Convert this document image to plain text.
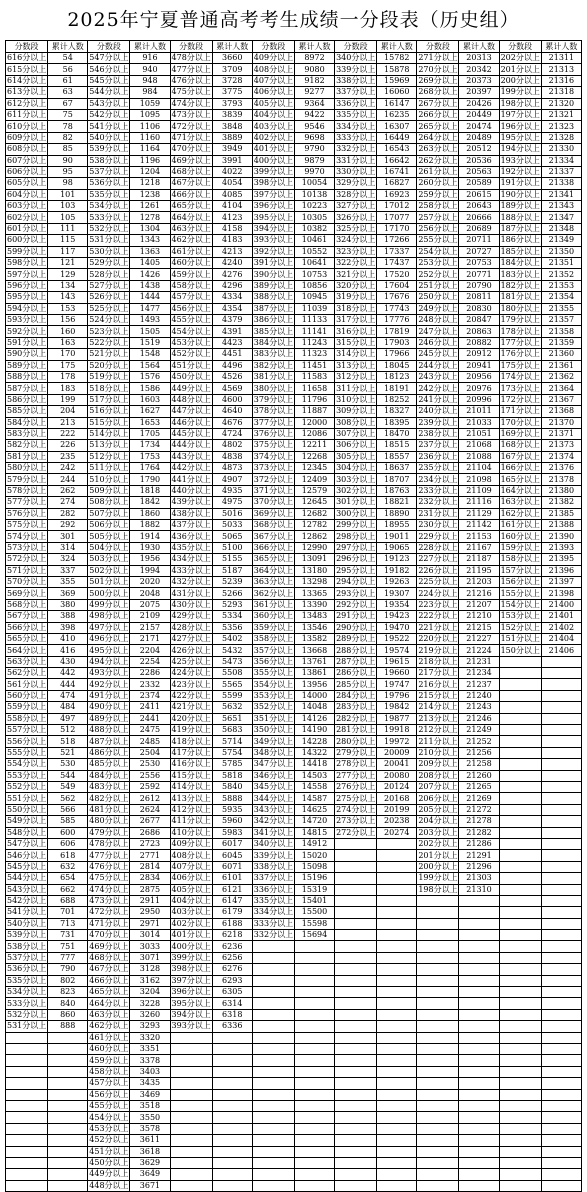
2025年宁夏普通高考考生成绩一分段表（历史组）
分数段	累计人数	分数段	累计人数	分数段	累计人数	分数段	累计人数	分数段	累计人数	分数段	累计人数	分数段	累计人数
616分以上	54	547分以上	916	478分以上	3660	409分以上	8972	340分以上	15782	271分以上	20313	202分以上	21311
615分以上	56	546分以上	940	477分以上	3709	408分以上	9080	339分以上	15878	270分以上	20342	201分以上	21313
614分以上	61	545分以上	948	476分以上	3728	407分以上	9182	338分以上	15969	269分以上	20373	200分以上	21316
613分以上	63	544分以上	984	475分以上	3775	406分以上	9277	337分以上	16060	268分以上	20397	199分以上	21318
612分以上	67	543分以上	1059	474分以上	3793	405分以上	9364	336分以上	16147	267分以上	20426	198分以上	21320
611分以上	75	542分以上	1095	473分以上	3839	404分以上	9422	335分以上	16235	266分以上	20449	197分以上	21321
610分以上	78	541分以上	1106	472分以上	3848	403分以上	9546	334分以上	16307	265分以上	20474	196分以上	21323
609分以上	82	540分以上	1160	471分以上	3889	402分以上	9698	333分以上	16449	264分以上	20489	195分以上	21328
608分以上	85	539分以上	1164	470分以上	3949	401分以上	9790	332分以上	16543	263分以上	20512	194分以上	21330
607分以上	90	538分以上	1196	469分以上	3991	400分以上	9879	331分以上	16642	262分以上	20536	193分以上	21334
606分以上	95	537分以上	1204	468分以上	4022	399分以上	9970	330分以上	16741	261分以上	20563	192分以上	21337
605分以上	98	536分以上	1218	467分以上	4054	398分以上	10054	329分以上	16827	260分以上	20589	191分以上	21338
604分以上	101	535分以上	1238	466分以上	4085	397分以上	10138	328分以上	16923	259分以上	20615	190分以上	21341
603分以上	103	534分以上	1261	465分以上	4104	396分以上	10223	327分以上	17012	258分以上	20643	189分以上	21343
602分以上	105	533分以上	1278	464分以上	4123	395分以上	10305	326分以上	17077	257分以上	20666	188分以上	21347
601分以上	111	532分以上	1304	463分以上	4158	394分以上	10382	325分以上	17170	256分以上	20689	187分以上	21348
600分以上	115	531分以上	1343	462分以上	4183	393分以上	10461	324分以上	17266	255分以上	20711	186分以上	21349
599分以上	117	530分以上	1363	461分以上	4213	392分以上	10552	323分以上	17337	254分以上	20727	185分以上	21350
598分以上	121	529分以上	1405	460分以上	4240	391分以上	10641	322分以上	17437	253分以上	20753	184分以上	21351
597分以上	129	528分以上	1426	459分以上	4276	390分以上	10753	321分以上	17520	252分以上	20771	183分以上	21352
596分以上	134	527分以上	1438	458分以上	4296	389分以上	10856	320分以上	17604	251分以上	20790	182分以上	21353
595分以上	143	526分以上	1444	457分以上	4334	388分以上	10945	319分以上	17676	250分以上	20811	181分以上	21354
594分以上	153	525分以上	1477	456分以上	4354	387分以上	11039	318分以上	17743	249分以上	20830	180分以上	21355
593分以上	156	524分以上	1493	455分以上	4379	386分以上	11133	317分以上	17776	248分以上	20847	179分以上	21357
592分以上	160	523分以上	1505	454分以上	4391	385分以上	11141	316分以上	17819	247分以上	20863	178分以上	21358
591分以上	163	522分以上	1519	453分以上	4423	384分以上	11243	315分以上	17903	246分以上	20882	177分以上	21359
590分以上	170	521分以上	1548	452分以上	4451	383分以上	11323	314分以上	17966	245分以上	20912	176分以上	21360
589分以上	175	520分以上	1564	451分以上	4496	382分以上	11451	313分以上	18045	244分以上	20941	175分以上	21361
588分以上	178	519分以上	1576	450分以上	4526	381分以上	11583	312分以上	18123	243分以上	20956	174分以上	21362
587分以上	183	518分以上	1586	449分以上	4569	380分以上	11658	311分以上	18191	242分以上	20976	173分以上	21364
586分以上	199	517分以上	1603	448分以上	4600	379分以上	11796	310分以上	18252	241分以上	20996	172分以上	21367
585分以上	204	516分以上	1627	447分以上	4640	378分以上	11887	309分以上	18327	240分以上	21011	171分以上	21368
584分以上	213	515分以上	1653	446分以上	4676	377分以上	12000	308分以上	18395	239分以上	21033	170分以上	21370
583分以上	222	514分以上	1705	445分以上	4724	376分以上	12086	307分以上	18470	238分以上	21051	169分以上	21371
582分以上	226	513分以上	1734	444分以上	4802	375分以上	12211	306分以上	18515	237分以上	21068	168分以上	21373
581分以上	235	512分以上	1753	443分以上	4838	374分以上	12268	305分以上	18557	236分以上	21088	167分以上	21374
580分以上	242	511分以上	1764	442分以上	4873	373分以上	12345	304分以上	18637	235分以上	21104	166分以上	21376
579分以上	244	510分以上	1790	441分以上	4907	372分以上	12409	303分以上	18707	234分以上	21098	165分以上	21378
578分以上	262	509分以上	1818	440分以上	4935	371分以上	12579	302分以上	18763	233分以上	21109	164分以上	21380
577分以上	274	508分以上	1842	439分以上	4975	370分以上	12645	301分以上	18821	232分以上	21116	163分以上	21382
576分以上	282	507分以上	1860	438分以上	5016	369分以上	12682	300分以上	18890	231分以上	21129	162分以上	21385
575分以上	292	506分以上	1882	437分以上	5033	368分以上	12782	299分以上	18955	230分以上	21142	161分以上	21388
574分以上	301	505分以上	1914	436分以上	5065	367分以上	12862	298分以上	19011	229分以上	21153	160分以上	21390
573分以上	314	504分以上	1930	435分以上	5100	366分以上	12990	297分以上	19065	228分以上	21167	159分以上	21393
572分以上	324	503分以上	1956	434分以上	5155	365分以上	13091	296分以上	19123	227分以上	21187	158分以上	21395
571分以上	337	502分以上	1994	433分以上	5187	364分以上	13180	295分以上	19182	226分以上	21195	157分以上	21396
570分以上	355	501分以上	2020	432分以上	5239	363分以上	13298	294分以上	19263	225分以上	21203	156分以上	21397
569分以上	369	500分以上	2048	431分以上	5266	362分以上	13365	293分以上	19307	224分以上	21216	155分以上	21398
568分以上	380	499分以上	2075	430分以上	5293	361分以上	13390	292分以上	19354	223分以上	21207	154分以上	21400
567分以上	388	498分以上	2109	429分以上	5334	360分以上	13483	291分以上	19423	222分以上	21210	153分以上	21401
566分以上	398	497分以上	2157	428分以上	5356	359分以上	13546	290分以上	19470	221分以上	21215	152分以上	21402
565分以上	410	496分以上	2171	427分以上	5402	358分以上	13582	289分以上	19522	220分以上	21227	151分以上	21404
564分以上	416	495分以上	2204	426分以上	5432	357分以上	13668	288分以上	19574	219分以上	21224	150分以上	21406
563分以上	430	494分以上	2254	425分以上	5473	356分以上	13761	287分以上	19615	218分以上	21231		
562分以上	442	493分以上	2286	424分以上	5508	355分以上	13861	286分以上	19660	217分以上	21234		
561分以上	444	492分以上	2332	423分以上	5565	354分以上	13956	285分以上	19747	216分以上	21237		
560分以上	474	491分以上	2374	422分以上	5599	353分以上	14000	284分以上	19796	215分以上	21240		
559分以上	484	490分以上	2411	421分以上	5632	352分以上	14048	283分以上	19842	214分以上	21243		
558分以上	497	489分以上	2441	420分以上	5651	351分以上	14126	282分以上	19877	213分以上	21246		
557分以上	512	488分以上	2475	419分以上	5683	350分以上	14190	281分以上	19918	212分以上	21249		
556分以上	518	487分以上	2485	418分以上	5714	349分以上	14228	280分以上	19972	211分以上	21252		
555分以上	521	486分以上	2504	417分以上	5754	348分以上	14322	279分以上	20009	210分以上	21256		
554分以上	530	485分以上	2530	416分以上	5785	347分以上	14418	278分以上	20041	209分以上	21258		
553分以上	544	484分以上	2556	415分以上	5818	346分以上	14503	277分以上	20080	208分以上	21260		
552分以上	549	483分以上	2592	414分以上	5840	345分以上	14558	276分以上	20124	207分以上	21265		
551分以上	562	482分以上	2612	413分以上	5888	344分以上	14587	275分以上	20168	206分以上	21269		
550分以上	566	481分以上	2624	412分以上	5935	343分以上	14625	274分以上	20199	205分以上	21272		
549分以上	585	480分以上	2677	411分以上	5960	342分以上	14720	273分以上	20238	204分以上	21278		
548分以上	600	479分以上	2686	410分以上	5983	341分以上	14815	272分以上	20274	203分以上	21282		
547分以上	606	478分以上	2723	409分以上	6017	340分以上	14912			202分以上	21286		
546分以上	618	477分以上	2771	408分以上	6045	339分以上	15020			201分以上	21291		
545分以上	632	476分以上	2814	407分以上	6071	338分以上	15098			200分以上	21296		
544分以上	654	475分以上	2834	406分以上	6101	337分以上	15196			199分以上	21303		
543分以上	662	474分以上	2875	405分以上	6121	336分以上	15319			198分以上	21310		
542分以上	688	473分以上	2911	404分以上	6147	335分以上	15401						
541分以上	701	472分以上	2950	403分以上	6179	334分以上	15500						
540分以上	713	471分以上	2971	402分以上	6188	333分以上	15598						
539分以上	731	470分以上	3014	401分以上	6218	332分以上	15694						
538分以上	751	469分以上	3033	400分以上	6236								
537分以上	777	468分以上	3071	399分以上	6256								
536分以上	790	467分以上	3128	398分以上	6276								
535分以上	802	466分以上	3162	397分以上	6293								
534分以上	823	465分以上	3204	396分以上	6305								
533分以上	840	464分以上	3228	395分以上	6314								
532分以上	860	463分以上	3260	394分以上	6318								
531分以上	888	462分以上	3293	393分以上	6336								
		461分以上	3320										
		460分以上	3351										
		459分以上	3378										
		458分以上	3403										
		457分以上	3435										
		456分以上	3469										
		455分以上	3518										
		454分以上	3550										
		453分以上	3578										
		452分以上	3611										
		451分以上	3618										
		450分以上	3629										
		449分以上	3649										
		448分以上	3671										
